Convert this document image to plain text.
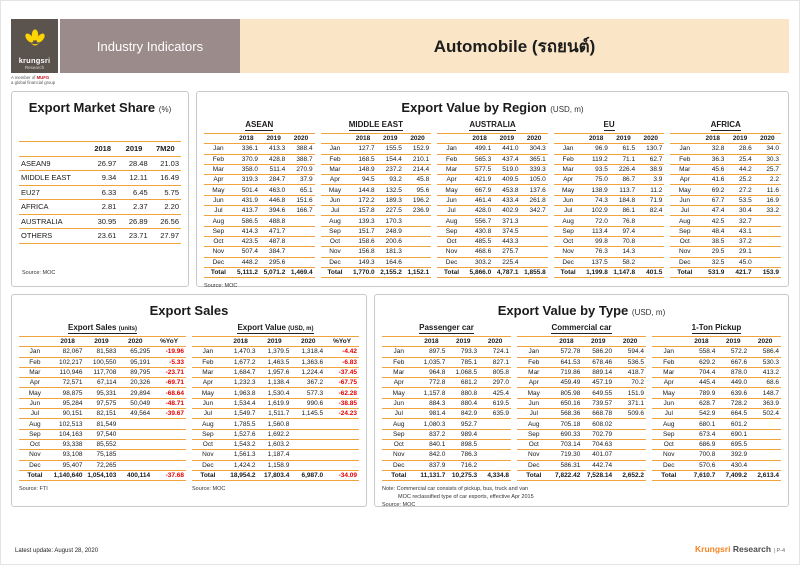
krungsri
Research
A member of MUFG
a global financial group
Industry Indicators	Automobile (รถยนต์)
Export Market Share (%)
	2018	2019	7M20
ASEAN9	26.97	28.48	21.03
MIDDLE EAST	9.34	12.11	16.49
EU27	6.33	6.45	5.75
AFRICA	2.81	2.37	2.20
AUSTRALIA	30.95	26.89	26.56
OTHERS	23.61	23.71	27.97
Source: MOC
Export Value by Region (USD, m)
ASEAN
	2018	2019	2020
Jan	336.1	413.3	388.4
Feb	370.9	428.8	388.7
Mar	358.0	511.4	270.9
Apr	319.3	284.7	37.9
May	501.4	463.0	65.1
Jun	431.9	446.8	151.6
Jul	413.7	394.6	166.7
Aug	586.5	488.8	
Sep	414.3	471.7	
Oct	423.5	487.8	
Nov	507.4	384.7	
Dec	448.2	295.6	
Total	5,111.2	5,071.2	1,469.4
MIDDLE EAST
	2018	2019	2020
Jan	127.7	155.5	152.9
Feb	168.5	154.4	210.1
Mar	148.9	237.2	214.4
Apr	94.5	93.2	45.8
May	144.8	132.5	95.6
Jun	172.2	189.3	196.2
Jul	157.8	227.5	236.9
Aug	139.3	170.3	
Sep	151.7	248.9	
Oct	158.6	200.6	
Nov	156.8	181.3	
Dec	149.3	164.6	
Total	1,770.0	2,155.2	1,152.1
AUSTRALIA
	2018	2019	2020
Jan	499.1	441.0	304.3
Feb	565.3	437.4	365.1
Mar	577.5	519.0	339.3
Apr	421.9	409.5	105.0
May	667.9	453.8	137.6
Jun	461.4	433.4	261.8
Jul	428.0	402.9	342.7
Aug	556.7	371.3	
Sep	430.8	374.5	
Oct	485.5	443.3	
Nov	468.6	275.7	
Dec	303.2	225.4	
Total	5,866.0	4,787.1	1,855.8
EU
	2018	2019	2020
Jan	96.9	61.5	130.7
Feb	119.2	71.1	62.7
Mar	93.5	226.4	38.9
Apr	75.0	86.7	3.9
May	138.9	113.7	11.2
Jun	74.3	184.8	71.9
Jul	102.9	86.1	82.4
Aug	72.0	76.8	
Sep	113.4	97.4	
Oct	99.8	70.8	
Nov	76.3	14.3	
Dec	137.5	58.2	
Total	1,199.8	1,147.8	401.5
AFRICA
	2018	2019	2020
Jan	32.8	28.6	34.0
Feb	36.3	25.4	30.3
Mar	45.6	44.2	25.7
Apr	41.6	25.2	2.2
May	69.2	27.2	11.6
Jun	67.7	53.5	16.9
Jul	47.4	30.4	33.2
Aug	42.5	32.7	
Sep	48.4	43.1	
Oct	38.5	37.2	
Nov	29.5	29.1	
Dec	32.5	45.0	
Total	531.9	421.7	153.9
Source: MOC
Export Sales
Export Sales (units)
	2018	2019	2020	%YoY
Jan	82,067	81,583	65,295	-19.96
Feb	102,217	100,550	95,191	-5.33
Mar	110,946	117,708	89,795	-23.71
Apr	72,571	67,114	20,326	-69.71
May	98,875	95,331	29,894	-68.64
Jun	95,284	97,575	50,049	-48.71
Jul	90,151	82,151	49,564	-39.67
Aug	102,513	81,549		
Sep	104,163	97,540		
Oct	93,338	85,552		
Nov	93,108	75,185		
Dec	95,407	72,265		
Total	1,140,640	1,054,103	400,114	-37.68
Source: FTI
Export Value (USD, m)
	2018	2019	2020	%YoY
Jan	1,470.3	1,379.5	1,318.4	-4.42
Feb	1,677.2	1,463.5	1,363.6	-6.83
Mar	1,684.7	1,957.6	1,224.4	-37.45
Apr	1,232.3	1,138.4	367.2	-67.75
May	1,963.8	1,530.4	577.3	-62.28
Jun	1,534.4	1,619.9	990.6	-38.85
Jul	1,549.7	1,511.7	1,145.5	-24.23
Aug	1,785.5	1,560.8		
Sep	1,527.6	1,692.2		
Oct	1,543.2	1,603.2		
Nov	1,561.3	1,187.4		
Dec	1,424.2	1,158.9		
Total	18,954.2	17,803.4	6,987.0	-34.09
Source: MOC
Export Value by Type (USD, m)
Passenger car
	2018	2019	2020
Jan	897.5	793.3	724.1
Feb	1,035.7	785.1	827.1
Mar	964.8	1,068.5	805.8
Apr	772.8	681.2	297.0
May	1,157.8	880.8	425.4
Jun	884.3	880.4	619.5
Jul	981.4	842.9	635.9
Aug	1,080.3	952.7	
Sep	837.2	989.4	
Oct	840.1	898.5	
Nov	842.0	786.3	
Dec	837.9	716.2	
Total	11,131.7	10,275.3	4,334.8
Commercial car
	2018	2019	2020
Jan	572.78	586.20	594.4
Feb	641.53	678.46	536.5
Mar	719.86	889.14	418.7
Apr	459.49	457.19	70.2
May	805.98	649.55	151.9
Jun	650.16	739.57	371.1
Jul	568.36	668.78	509.6
Aug	705.18	608.02	
Sep	690.33	702.79	
Oct	703.14	704.63	
Nov	719.30	401.07	
Dec	586.31	442.74	
Total	7,822.42	7,528.14	2,652.2
1-Ton Pickup
	2018	2019	2020
Jan	558.4	572.2	586.4
Feb	629.2	667.6	530.3
Mar	704.4	878.0	413.2
Apr	445.4	449.0	68.6
May	789.9	639.6	148.7
Jun	628.7	728.2	363.9
Jul	542.9	664.5	502.4
Aug	680.1	601.2	
Sep	673.4	690.1	
Oct	686.9	695.5	
Nov	700.8	392.9	
Dec	570.6	430.4	
Total	7,610.7	7,409.2	2,613.4
Note: Commercial car consists of pickup, bus, truck and van
MOC reclassified type of car exports, effective Apr 2015
Source: MOC
Latest update: August 28, 2020	Krungsri Research | P-4
